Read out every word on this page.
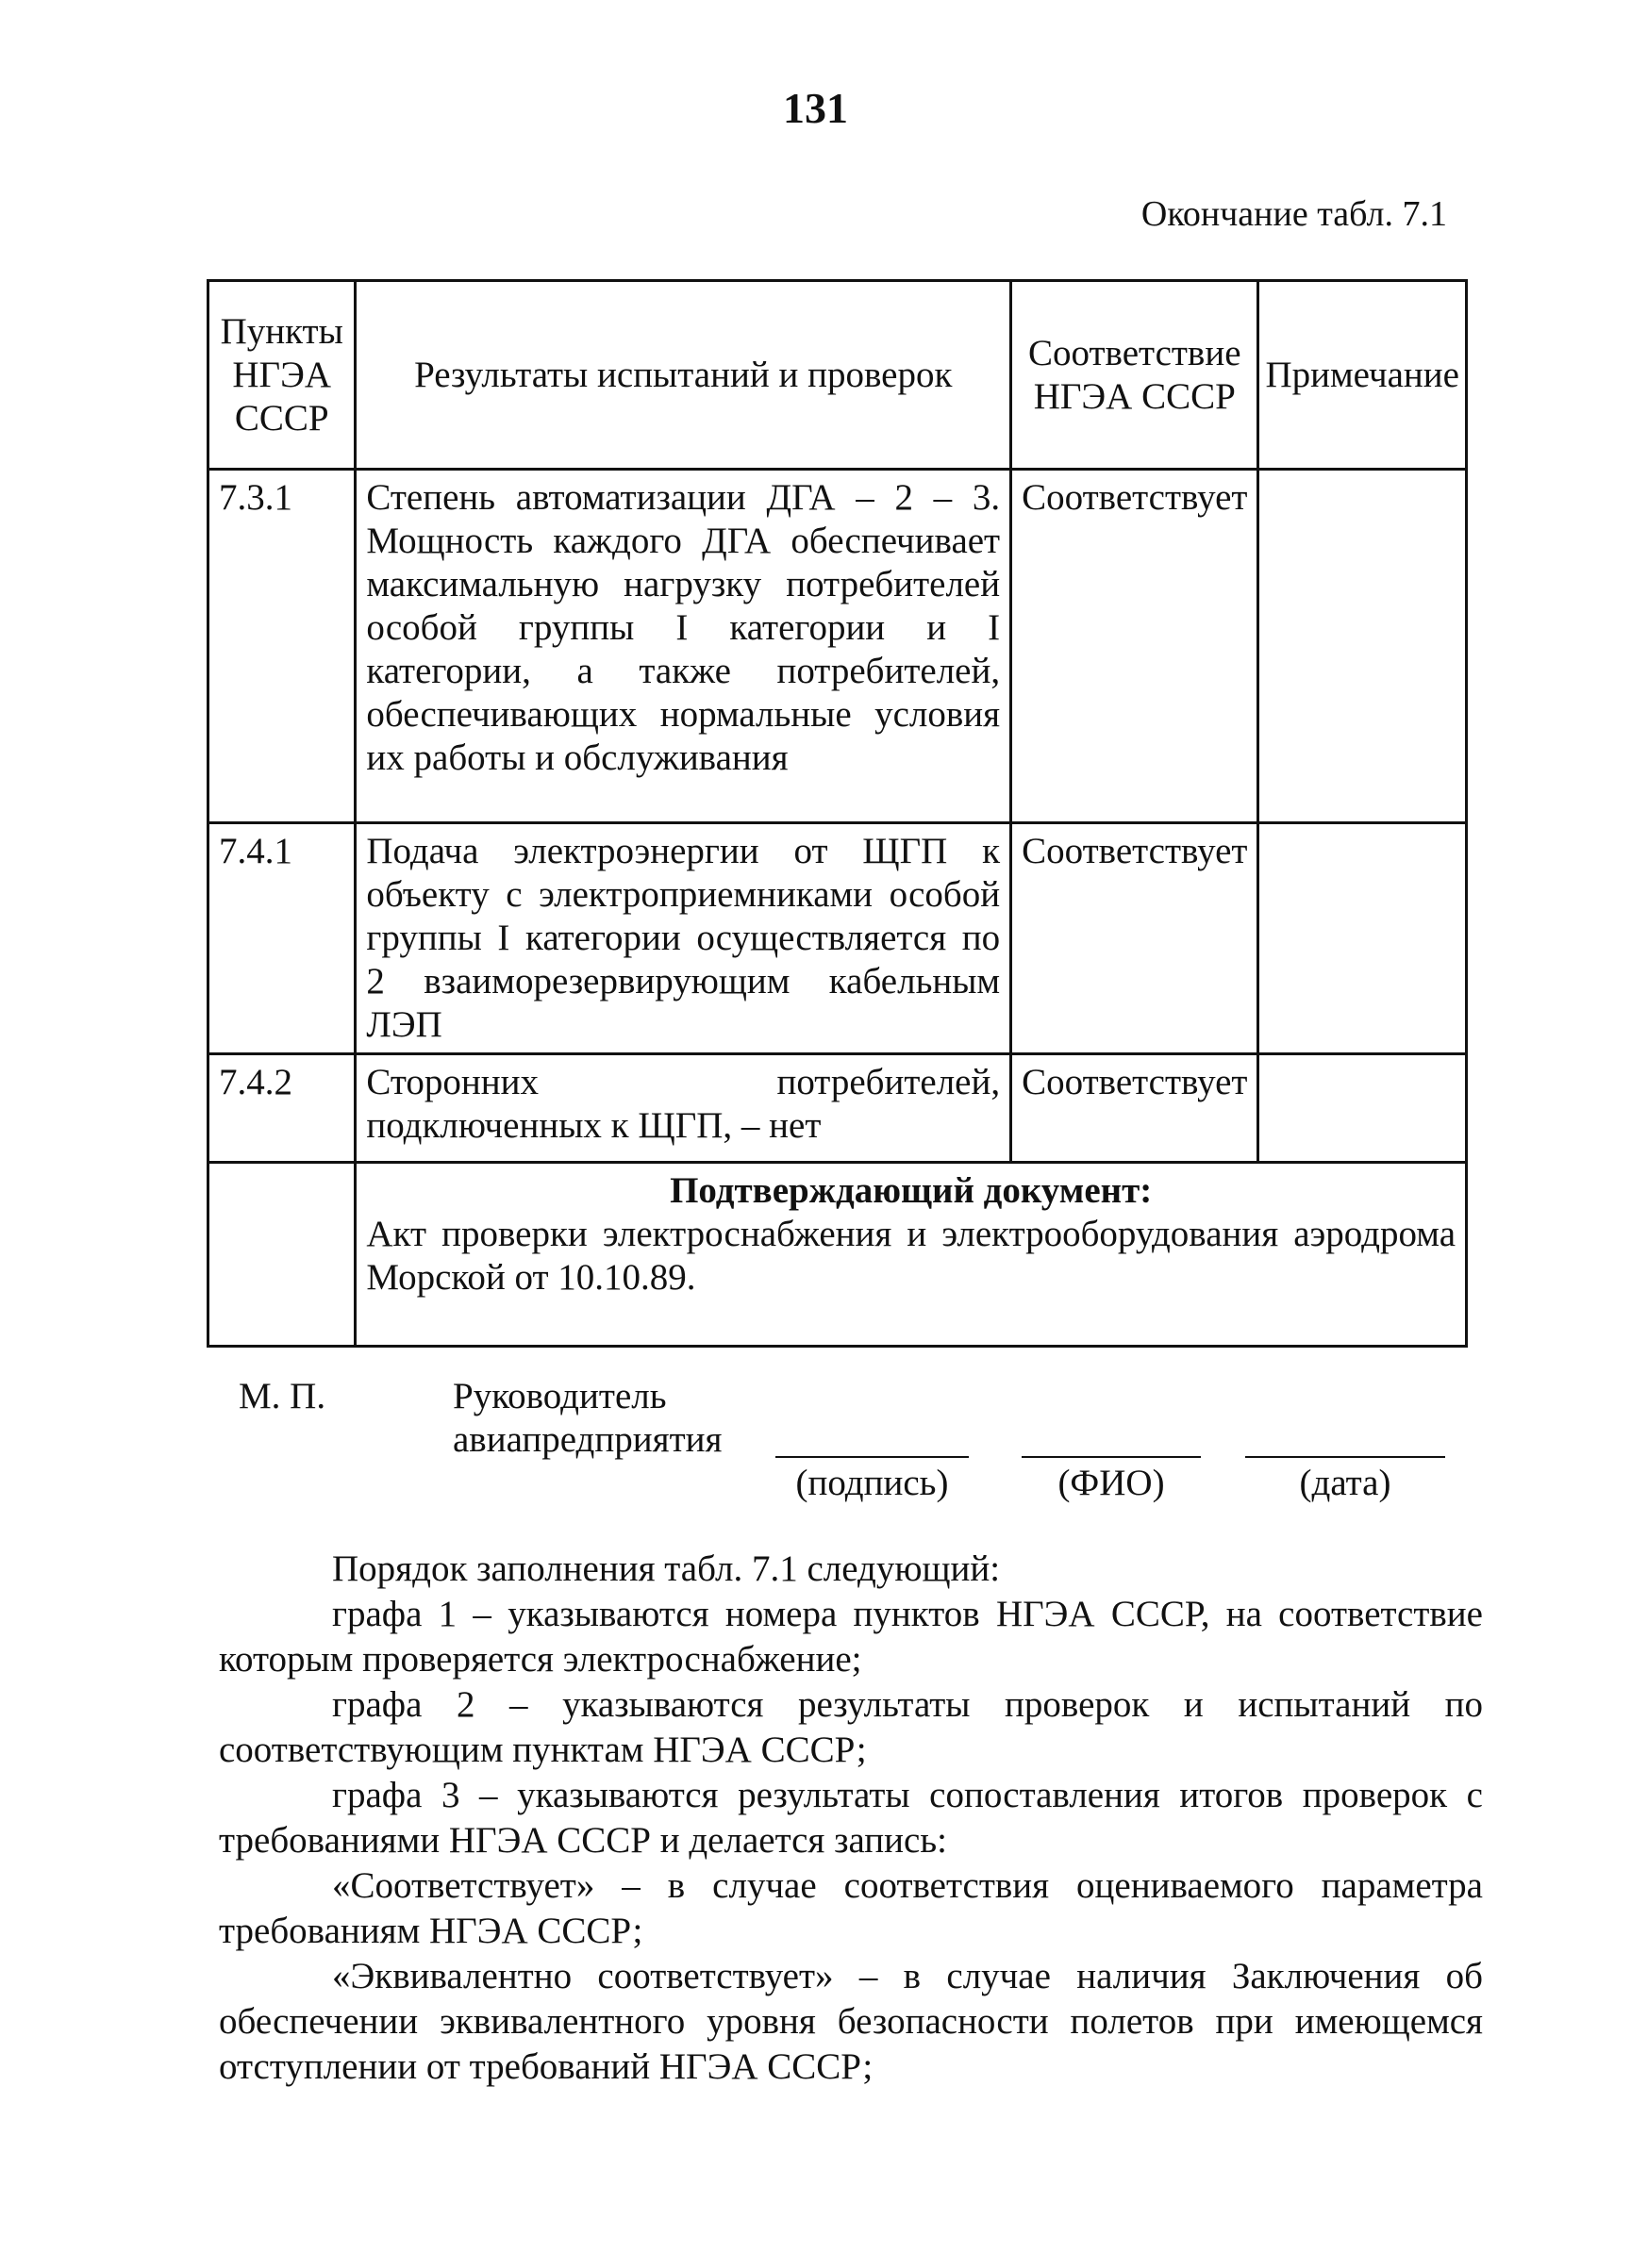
131
Окончание табл. 7.1
Пункты НГЭА СССР	Результаты испытаний и проверок	Соответствие НГЭА СССР	Примечание
7.3.1	Степень автоматизации ДГА – 2 – 3. Мощность каждого ДГА обеспечивает максимальную нагрузку потребителей особой группы I категории и I категории, а также потребителей, обеспечивающих нормальные условия их работы и обслуживания	Соответствует	
7.4.1	Подача электроэнергии от ЩГП к объекту с электроприемниками особой группы I категории осуществляется по 2 взаиморезервирующим кабельным ЛЭП	Соответствует	
7.4.2	Сторонних потребителей, подключенных к ЩГП, – нет	Соответствует	

	Подтверждающий документ:
Акт проверки электроснабжения и электрооборудования аэродрома Морской от 10.10.89.		
М. П.	Руководитель
авиапредприятия
(подпись)	(ФИО)	(дата)

Порядок заполнения табл. 7.1 следующий:

графа 1 – указываются номера пунктов НГЭА СССР, на соответствие которым проверяется электроснабжение;

графа 2 – указываются результаты проверок и испытаний по соответствующим пунктам НГЭА СССР;

графа 3 – указываются результаты сопоставления итогов проверок с требованиями НГЭА СССР и делается запись:

«Соответствует» – в случае соответствия оцениваемого параметра требованиям НГЭА СССР;

«Эквивалентно соответствует» – в случае наличия Заключения об обеспечении эквивалентного уровня безопасности полетов при имеющемся отступлении от требований НГЭА СССР;
